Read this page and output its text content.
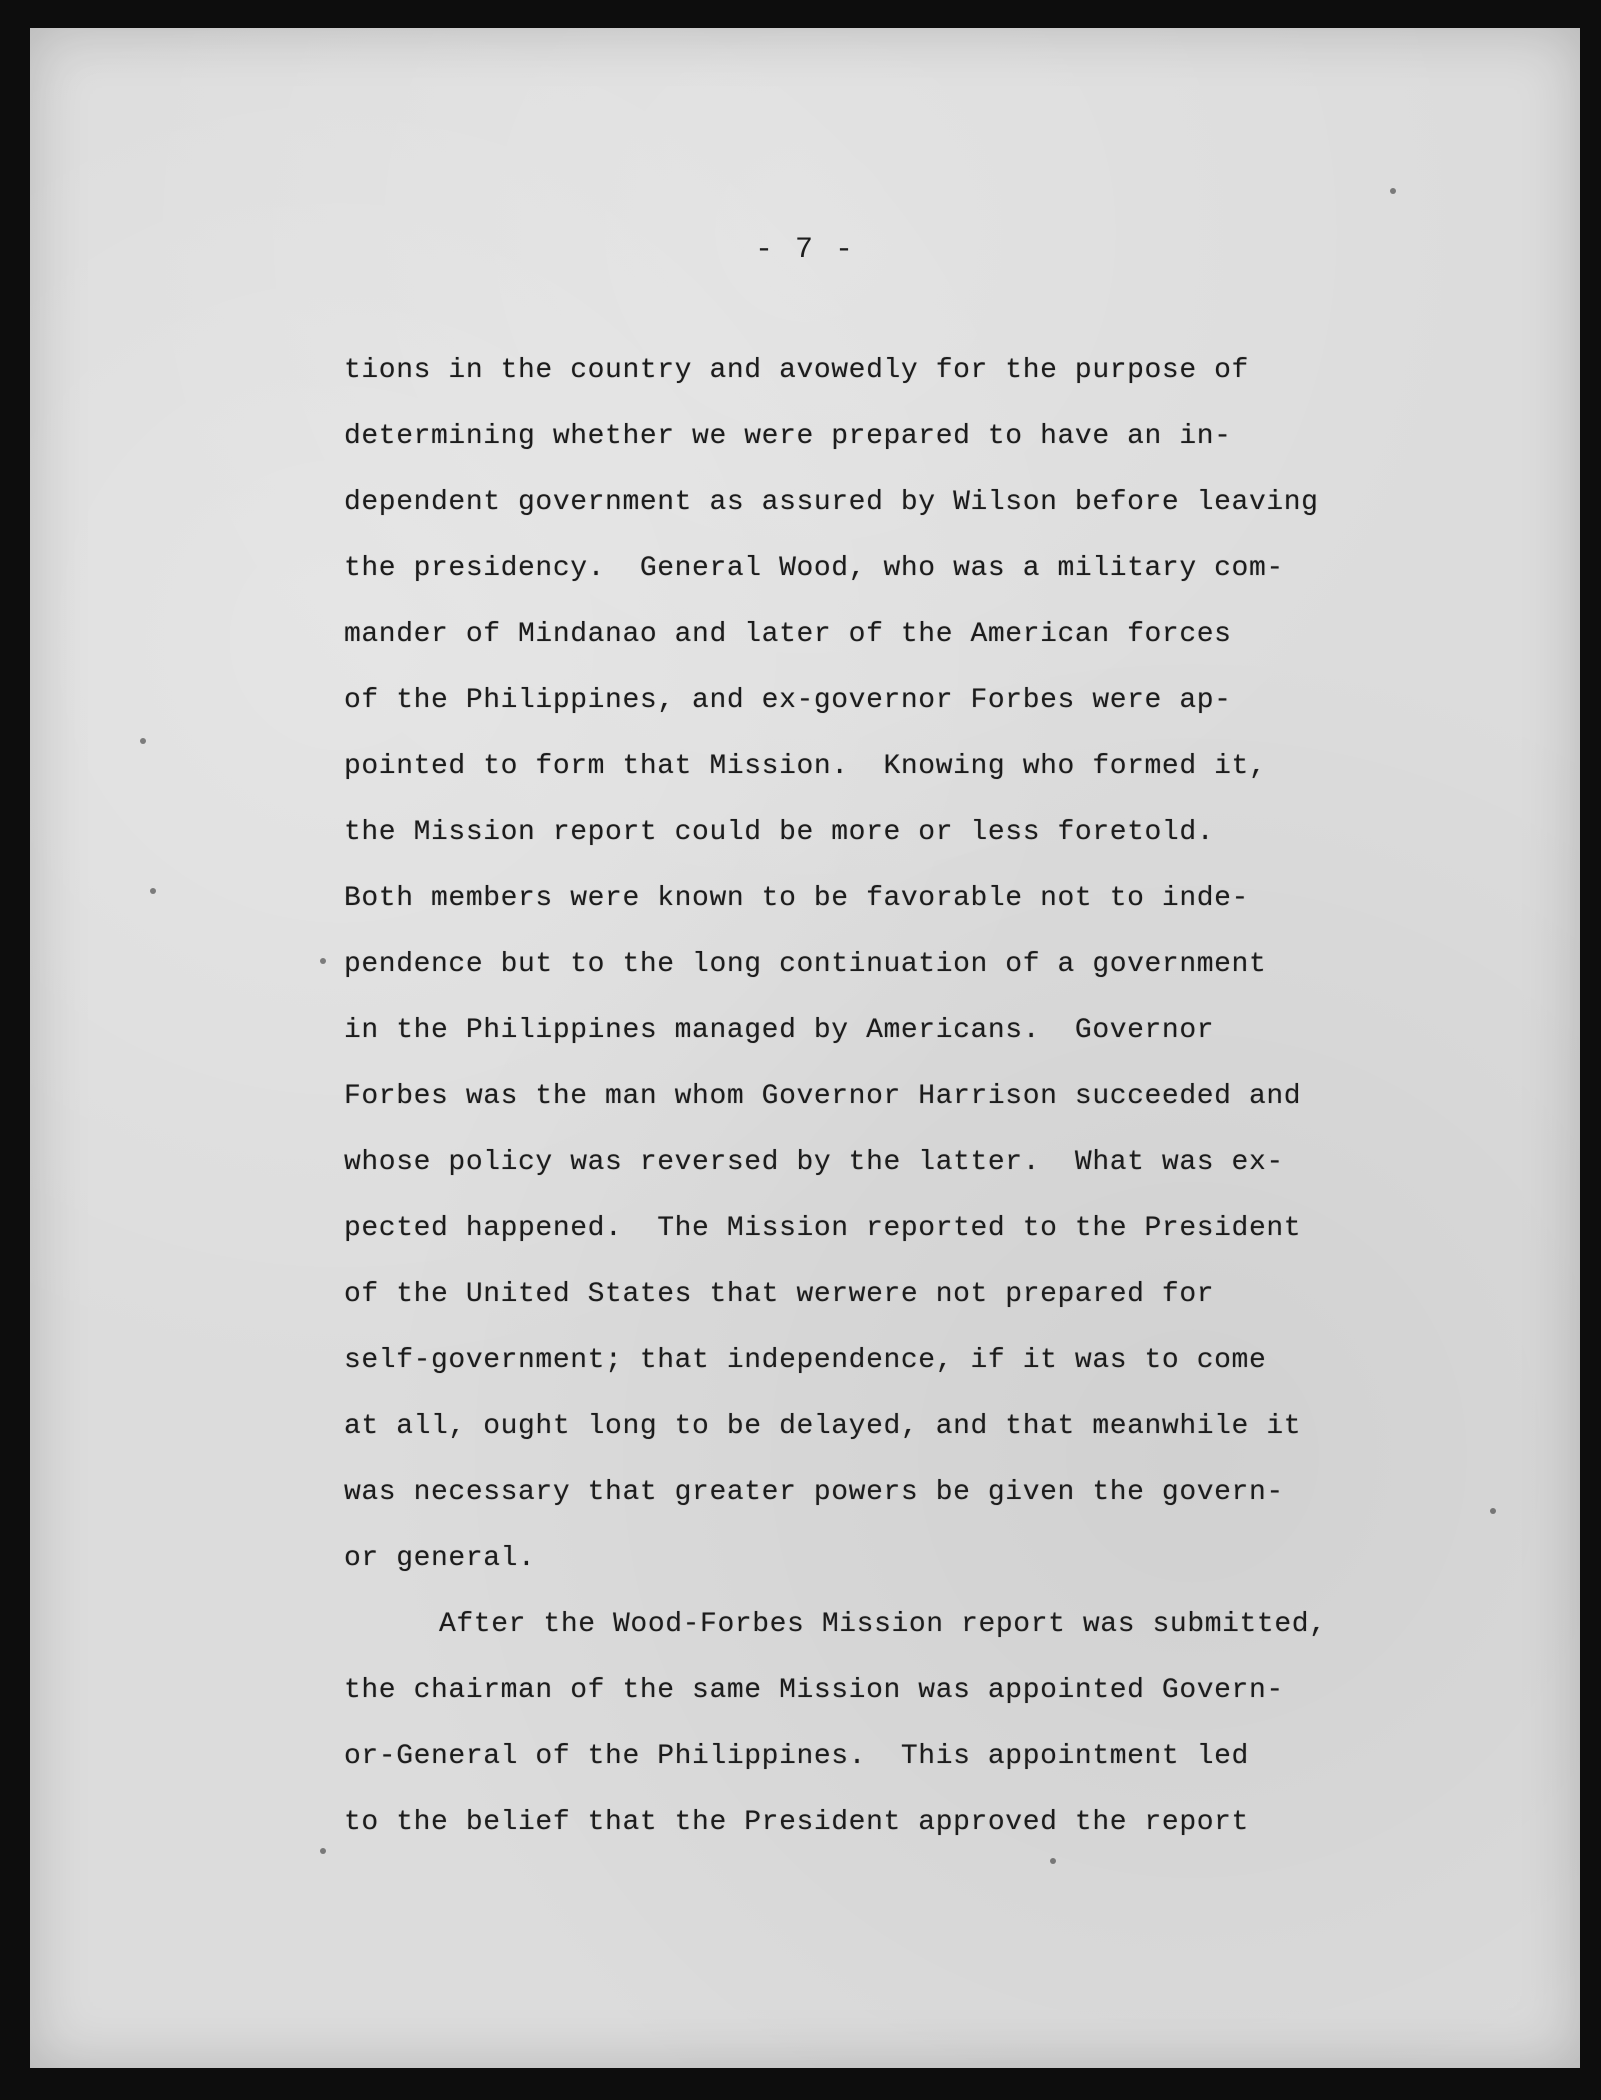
- 7 -
tions in the country and avowedly for the purpose of
determining whether we were prepared to have an in-
dependent government as assured by Wilson before leaving
the presidency.  General Wood, who was a military com-
mander of Mindanao and later of the American forces
of the Philippines, and ex-governor Forbes were ap-
pointed to form that Mission.  Knowing who formed it,
the Mission report could be more or less foretold.
Both members were known to be favorable not to inde-
pendence but to the long continuation of a government
in the Philippines managed by Americans.  Governor
Forbes was the man whom Governor Harrison succeeded and
whose policy was reversed by the latter.  What was ex-
pected happened.  The Mission reported to the President
of the United States that werwere not prepared for
self-government; that independence, if it was to come
at all, ought long to be delayed, and that meanwhile it
was necessary that greater powers be given the govern-
or general.
After the Wood-Forbes Mission report was submitted,
the chairman of the same Mission was appointed Govern-
or-General of the Philippines.  This appointment led
to the belief that the President approved the report
